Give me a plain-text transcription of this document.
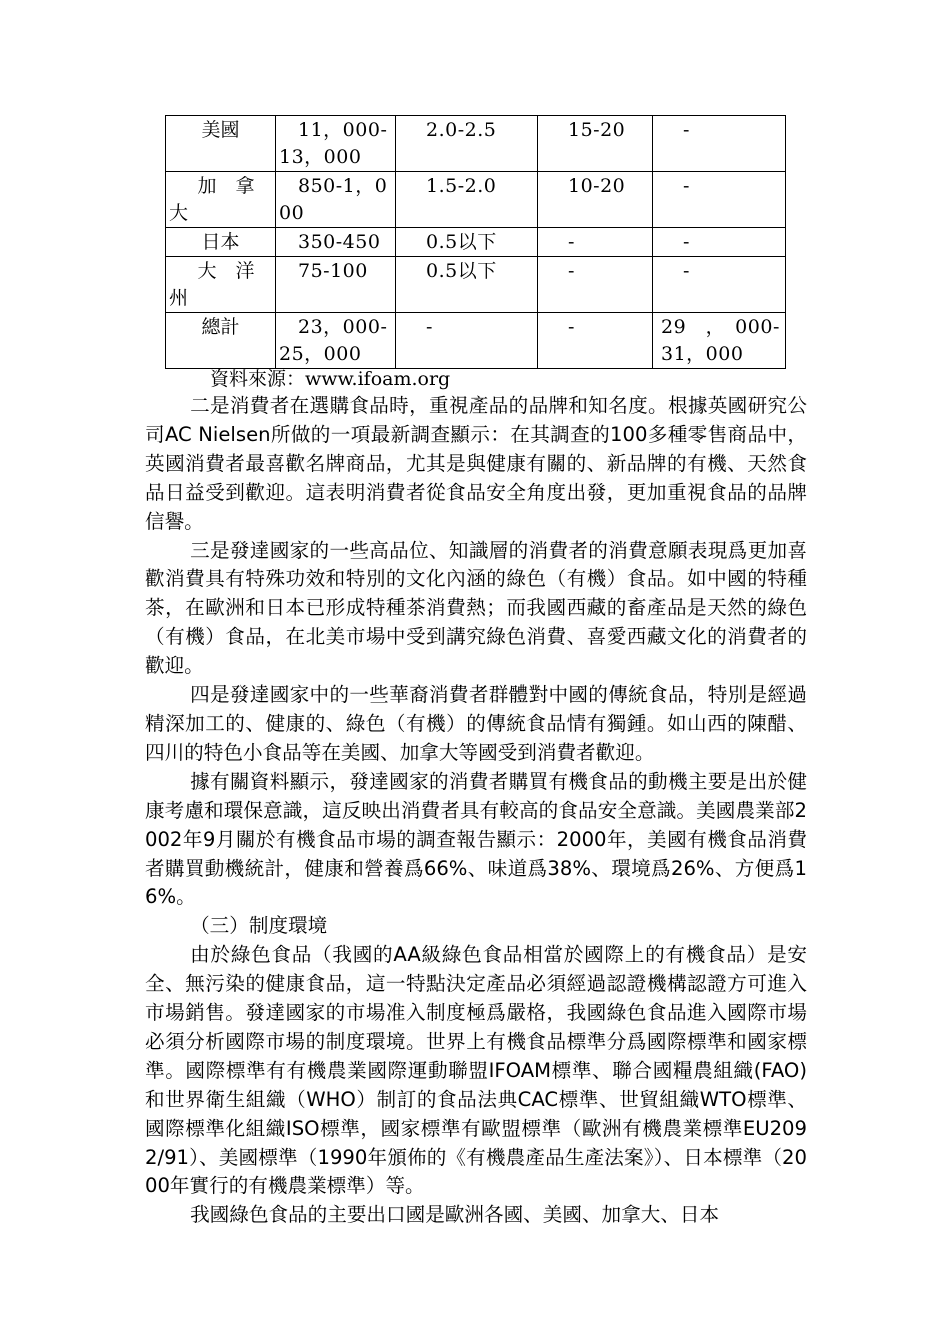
美國	11，000-13，000	2.0-2.5	15-20	-
加　拿大	850-1，000	1.5-2.0	10-20	-
日本	350-450	0.5以下	-	-
大　洋州	75-100	0.5以下	-	-
總計	23，000-25，000	-	-	29　，　000-31，000
資料來源：www.ifoam.org

二是消費者在選購食品時，重視產品的品牌和知名度。根據英國研究公司AC Nielsen所做的一項最新調查顯示：在其調查的100多種零售商品中，英國消費者最喜歡名牌商品，尤其是與健康有關的、新品牌的有機、天然食品日益受到歡迎。這表明消費者從食品安全角度出發，更加重視食品的品牌信譽。

三是發達國家的一些高品位、知識層的消費者的消費意願表現爲更加喜歡消費具有特殊功效和特別的文化內涵的綠色（有機）食品。如中國的特種茶，在歐洲和日本已形成特種茶消費熱；而我國西藏的畜產品是天然的綠色（有機）食品，在北美市場中受到講究綠色消費、喜愛西藏文化的消費者的歡迎。

四是發達國家中的一些華裔消費者群體對中國的傳統食品，特別是經過精深加工的、健康的、綠色（有機）的傳統食品情有獨鍾。如山西的陳醋、四川的特色小食品等在美國、加拿大等國受到消費者歡迎。

據有關資料顯示，發達國家的消費者購買有機食品的動機主要是出於健康考慮和環保意識，這反映出消費者具有較高的食品安全意識。美國農業部2002年9月關於有機食品市場的調查報告顯示：2000年，美國有機食品消費者購買動機統計，健康和營養爲66%、味道爲38%、環境爲26%、方便爲16%。

（三）制度環境

由於綠色食品（我國的AA級綠色食品相當於國際上的有機食品）是安全、無污染的健康食品，這一特點決定產品必須經過認證機構認證方可進入市場銷售。發達國家的市場准入制度極爲嚴格，我國綠色食品進入國際市場必須分析國際市場的制度環境。世界上有機食品標準分爲國際標準和國家標準。國際標準有有機農業國際運動聯盟IFOAM標準、聯合國糧農組織(FAO)和世界衛生組織（WHO）制訂的食品法典CAC標準、世貿組織WTO標準、國際標準化組織ISO標準，國家標準有歐盟標準（歐洲有機農業標準EU2092/91）、美國標準（1990年頒佈的《有機農產品生產法案》）、日本標準（2000年實行的有機農業標準）等。

我國綠色食品的主要出口國是歐洲各國、美國、加拿大、日本
